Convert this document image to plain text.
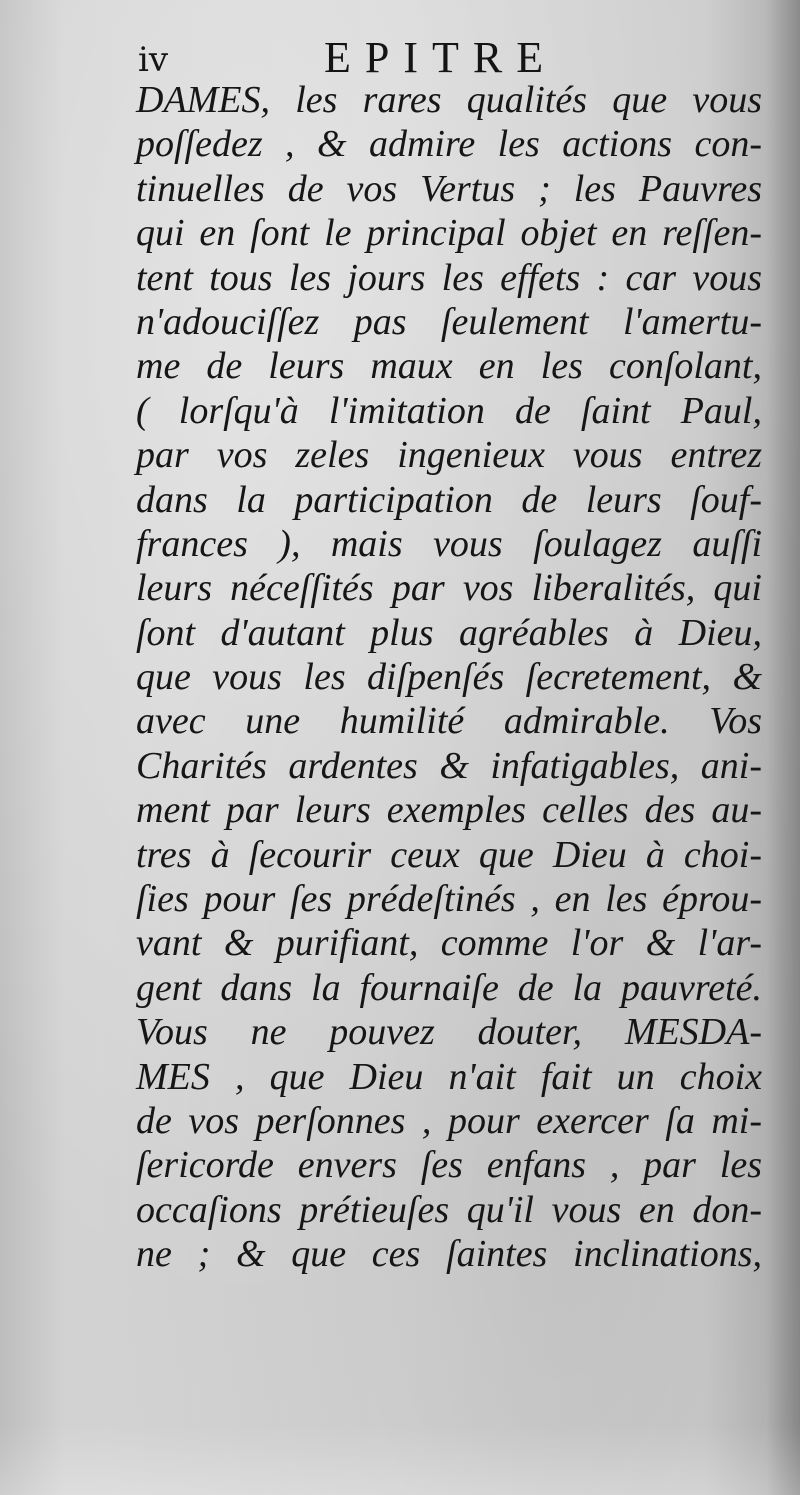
iv	EPITRE
DAMES, les rares qualités que vous
poſſedez , & admire les actions con-
tinuelles de vos Vertus ; les Pauvres
qui en ſont le principal objet en reſſen-
tent tous les jours les effets : car vous
n'adouciſſez pas ſeulement l'amertu-
me de leurs maux en les conſolant,
( lorſqu'à l'imitation de ſaint Paul,
par vos zeles ingenieux vous entrez
dans la participation de leurs ſouf-
frances ), mais vous ſoulagez auſſi
leurs néceſſités par vos liberalités, qui
ſont d'autant plus agréables à Dieu,
que vous les diſpenſés ſecretement, &
avec une humilité admirable. Vos
Charités ardentes & infatigables, ani-
ment par leurs exemples celles des au-
tres à ſecourir ceux que Dieu à choi-
ſies pour ſes prédeſtinés , en les éprou-
vant & purifiant, comme l'or & l'ar-
gent dans la fournaiſe de la pauvreté.
Vous ne pouvez douter, MESDA-
MES , que Dieu n'ait fait un choix
de vos perſonnes , pour exercer ſa mi-
ſericorde envers ſes enfans , par les
occaſions prétieuſes qu'il vous en don-
ne ; & que ces ſaintes inclinations,
